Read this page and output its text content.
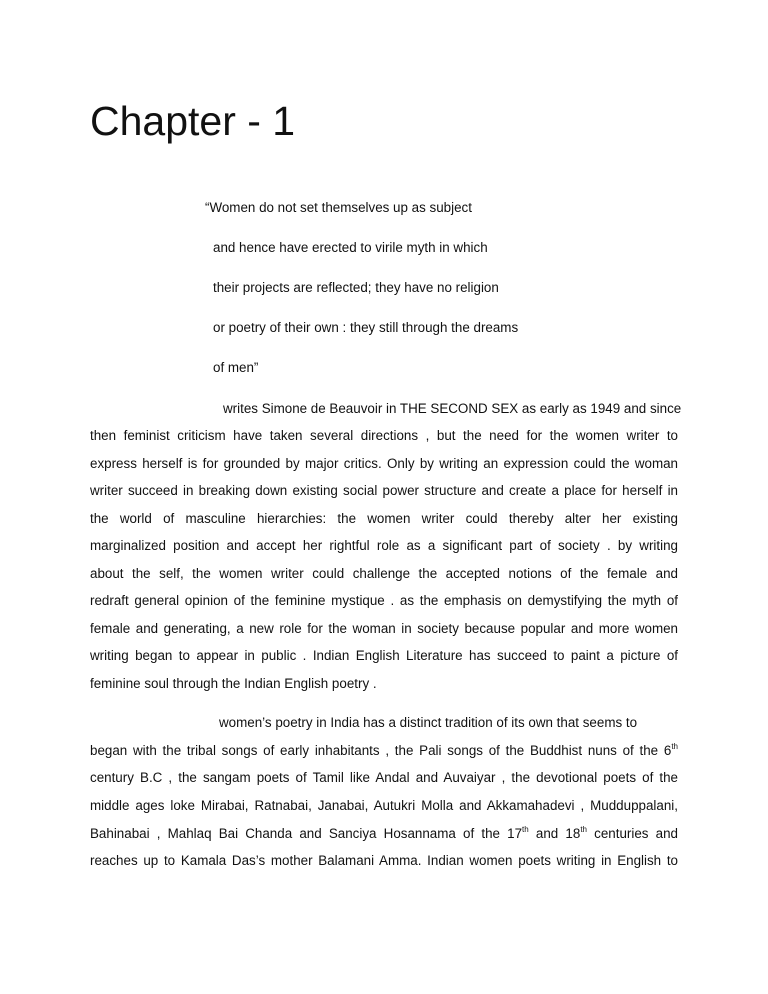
Chapter - 1
“Women do not set themselves up as subject
and hence have erected to virile myth in which
their projects are reflected; they have no religion
or poetry of their own : they still through the dreams
of men”
writes Simone de Beauvoir in THE SECOND SEX as early as 1949 and since
then feminist criticism have taken several directions , but the need for the women writer to
express herself is for grounded by major critics. Only by writing an expression could the woman
writer succeed in breaking down existing social power structure and create a place for herself in
the world of masculine hierarchies: the women writer could thereby alter her existing
marginalized position and accept her rightful role as a significant part of society . by writing
about the self, the women writer could challenge the accepted notions of the female and
redraft general opinion of the feminine mystique . as the emphasis on demystifying the myth of
female and generating, a new role for the woman in society because popular and more women
writing began to appear in public . Indian English Literature has succeed to paint a picture of
feminine soul through the Indian English poetry .
women’s poetry in India has a distinct tradition of its own that seems to
began with the tribal songs of early inhabitants , the Pali songs of the Buddhist nuns of the 6th
century B.C , the sangam poets of Tamil like Andal and Auvaiyar , the devotional poets of the
middle ages loke Mirabai, Ratnabai, Janabai, Autukri Molla and Akkamahadevi , Mudduppalani,
Bahinabai , Mahlaq Bai Chanda and Sanciya Hosannama of the 17th and 18th centuries and
reaches up to Kamala Das’s mother Balamani Amma. Indian women poets writing in English to
